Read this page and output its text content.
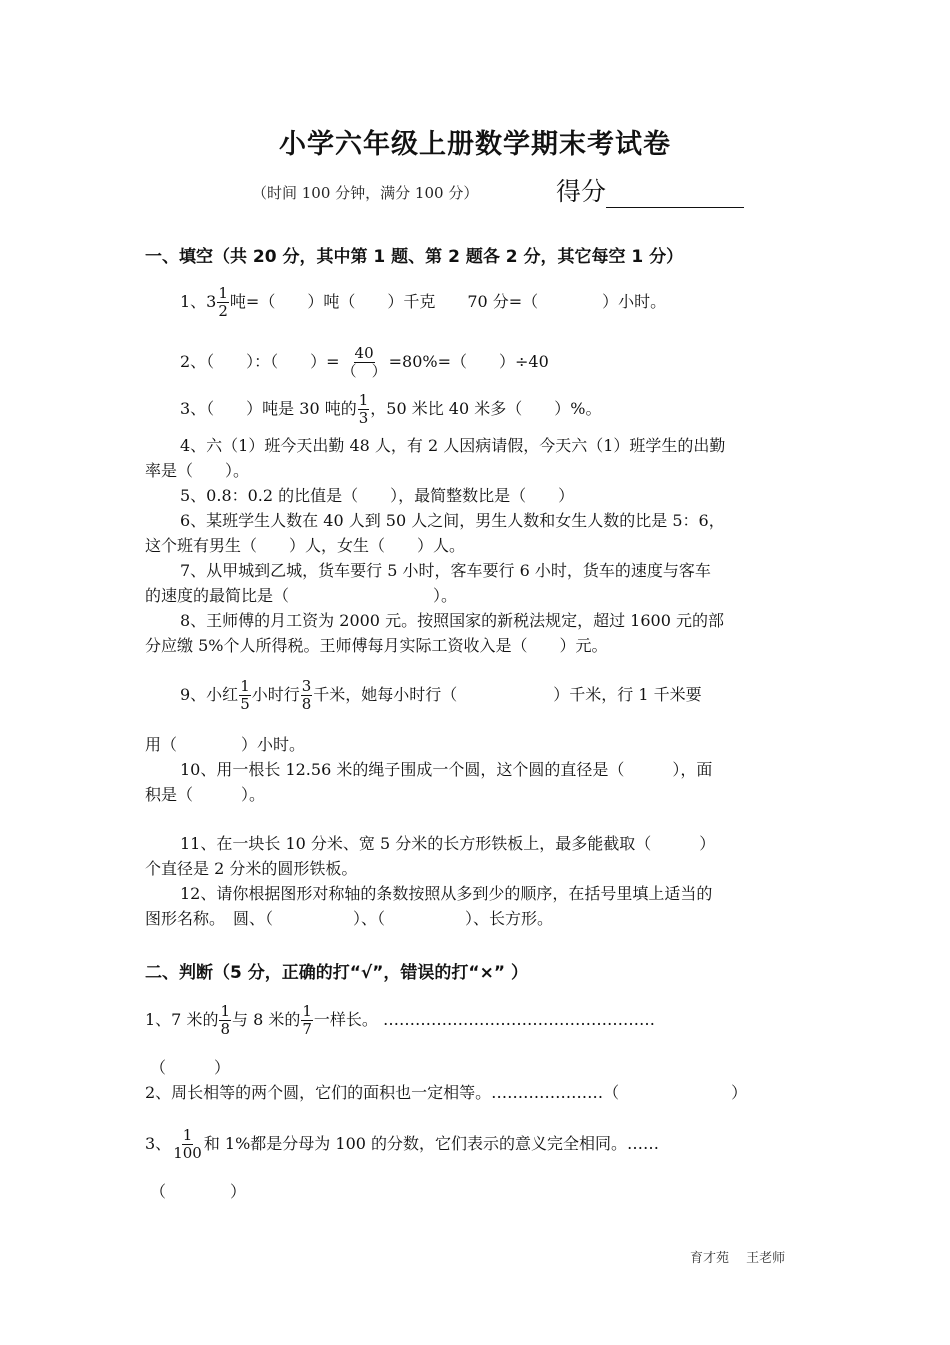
小学六年级上册数学期末考试卷
（时间 100 分钟，满分 100 分）	得分
一、填空（共 20 分，其中第 1 题、第 2 题各 2 分，其它每空 1 分）
1、$3 \frac{1}{2}$ 吨=（　　）吨（　　）千克　　70 分=（　　　　）小时。
2、（　　）：（　　）= $\frac{40}{( )} =80\%=$（　　）÷40
3、（　　）吨是 30 吨的 $\frac{1}{3}$ ，50 米比 40 米多（　　）%。
4、六（1）班今天出勤 48 人，有 2 人因病请假，今天六（1）班学生的出勤
率是（　　）。
5、0.8：0.2 的比值是（　　），最简整数比是（　　）
6、某班学生人数在 40 人到 50 人之间，男生人数和女生人数的比是 5：6，
这个班有男生（　　）人，女生（　　）人。
7、从甲城到乙城，货车要行 5 小时，客车要行 6 小时，货车的速度与客车
的速度的最简比是（　　　　　　　　　）。
8、王师傅的月工资为 2000 元。按照国家的新税法规定，超过 1600 元的部
分应缴 5%个人所得税。王师傅每月实际工资收入是（　　）元。
9、小红 $\frac{1}{5}$ 小时行 $\frac{3}{8}$ 千米，她每小时行（　　　　　　）千米，行 1 千米要
用（　　　　）小时。
10、用一根长 12.56 米的绳子围成一个圆，这个圆的直径是（　　　），面
积是（　　　）。
11、在一块长 10 分米、宽 5 分米的长方形铁板上，最多能截取（　　　）
个直径是 2 分米的圆形铁板。
12、请你根据图形对称轴的条数按照从多到少的顺序，在括号里填上适当的
图形名称。　圆、（　　　　　）、（　　　　　）、长方形。
二、判断（5 分，正确的打“√”，错误的打“×” ）
1、7 米的 $\frac{1}{8}$ 与 8 米的 $\frac{1}{7}$ 一样长。 ……………………………………………
（　　　）
2、周长相等的两个圆，它们的面积也一定相等。…………………（　　　　　　　）
3、 $\frac{1}{100}$ 和 1%都是分母为 100 的分数，它们表示的意义完全相同。……
（　　　　）
育才苑　 王老师
